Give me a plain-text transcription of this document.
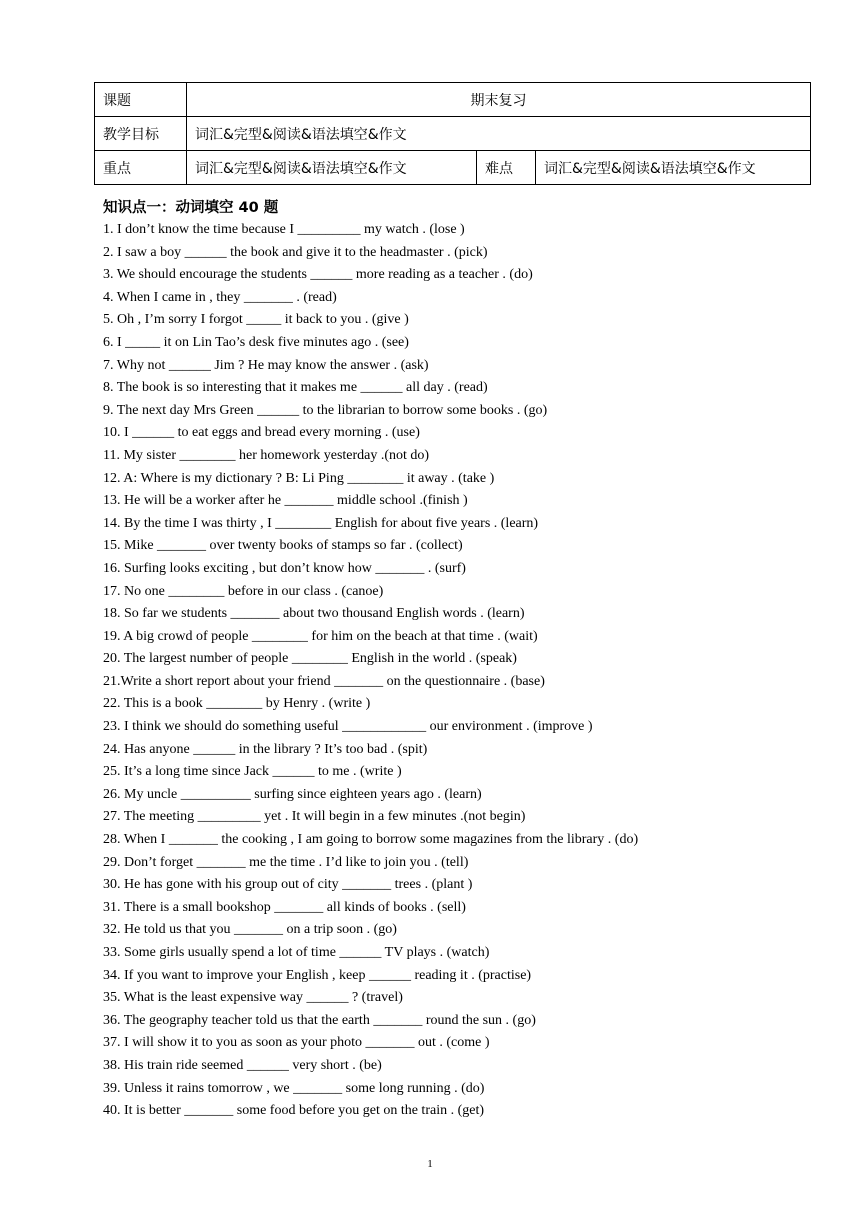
课题	期末复习		
教学目标	词汇&完型&阅读&语法填空&作文		
重点	词汇&完型&阅读&语法填空&作文	难点	词汇&完型&阅读&语法填空&作文
知识点一：动词填空 40 题
1. I don’t know the time because I _________ my watch . (lose )
2. I saw a boy ______ the book and give it to the headmaster . (pick)
3. We should encourage the students ______ more reading as a teacher . (do)
4. When I came in , they _______ . (read)
5. Oh , I’m sorry I forgot _____ it back to you . (give )
6. I _____ it on Lin Tao’s desk five minutes ago . (see)
7. Why not ______ Jim ? He may know the answer . (ask)
8. The book is so interesting that it makes me ______ all day . (read)
9. The next day Mrs Green ______ to the librarian to borrow some books . (go)
10. I ______ to eat eggs and bread every morning . (use)
11. My sister ________ her homework yesterday .(not do)
12. A: Where is my dictionary ? B: Li Ping ________ it away . (take )
13. He will be a worker after he _______ middle school .(finish )
14. By the time I was thirty , I ________ English for about five years . (learn)
15. Mike _______ over twenty books of stamps so far . (collect)
16. Surfing looks exciting , but don’t know how _______ . (surf)
17. No one ________ before in our class . (canoe)
18. So far we students _______ about two thousand English words . (learn)
19. A big crowd of people ________ for him on the beach at that time . (wait)
20. The largest number of people ________ English in the world . (speak)
21.Write a short report about your friend _______ on the questionnaire . (base)
22. This is a book ________ by Henry . (write )
23. I think we should do something useful ____________ our environment . (improve )
24. Has anyone ______ in the library ? It’s too bad . (spit)
25. It’s a long time since Jack ______ to me . (write )
26. My uncle __________ surfing since eighteen years ago . (learn)
27. The meeting _________ yet . It will begin in a few minutes .(not begin)
28. When I _______ the cooking , I am going to borrow some magazines from the library . (do)
29. Don’t forget _______ me the time . I’d like to join you . (tell)
30. He has gone with his group out of city _______ trees . (plant )
31. There is a small bookshop _______ all kinds of books . (sell)
32. He told us that you _______ on a trip soon . (go)
33. Some girls usually spend a lot of time ______ TV plays . (watch)
34. If you want to improve your English , keep ______ reading it . (practise)
35. What is the least expensive way ______ ? (travel)
36. The geography teacher told us that the earth _______ round the sun . (go)
37. I will show it to you as soon as your photo _______ out . (come )
38. His train ride seemed ______ very short . (be)
39. Unless it rains tomorrow , we _______ some long running . (do)
40. It is better _______ some food before you get on the train . (get)
1
